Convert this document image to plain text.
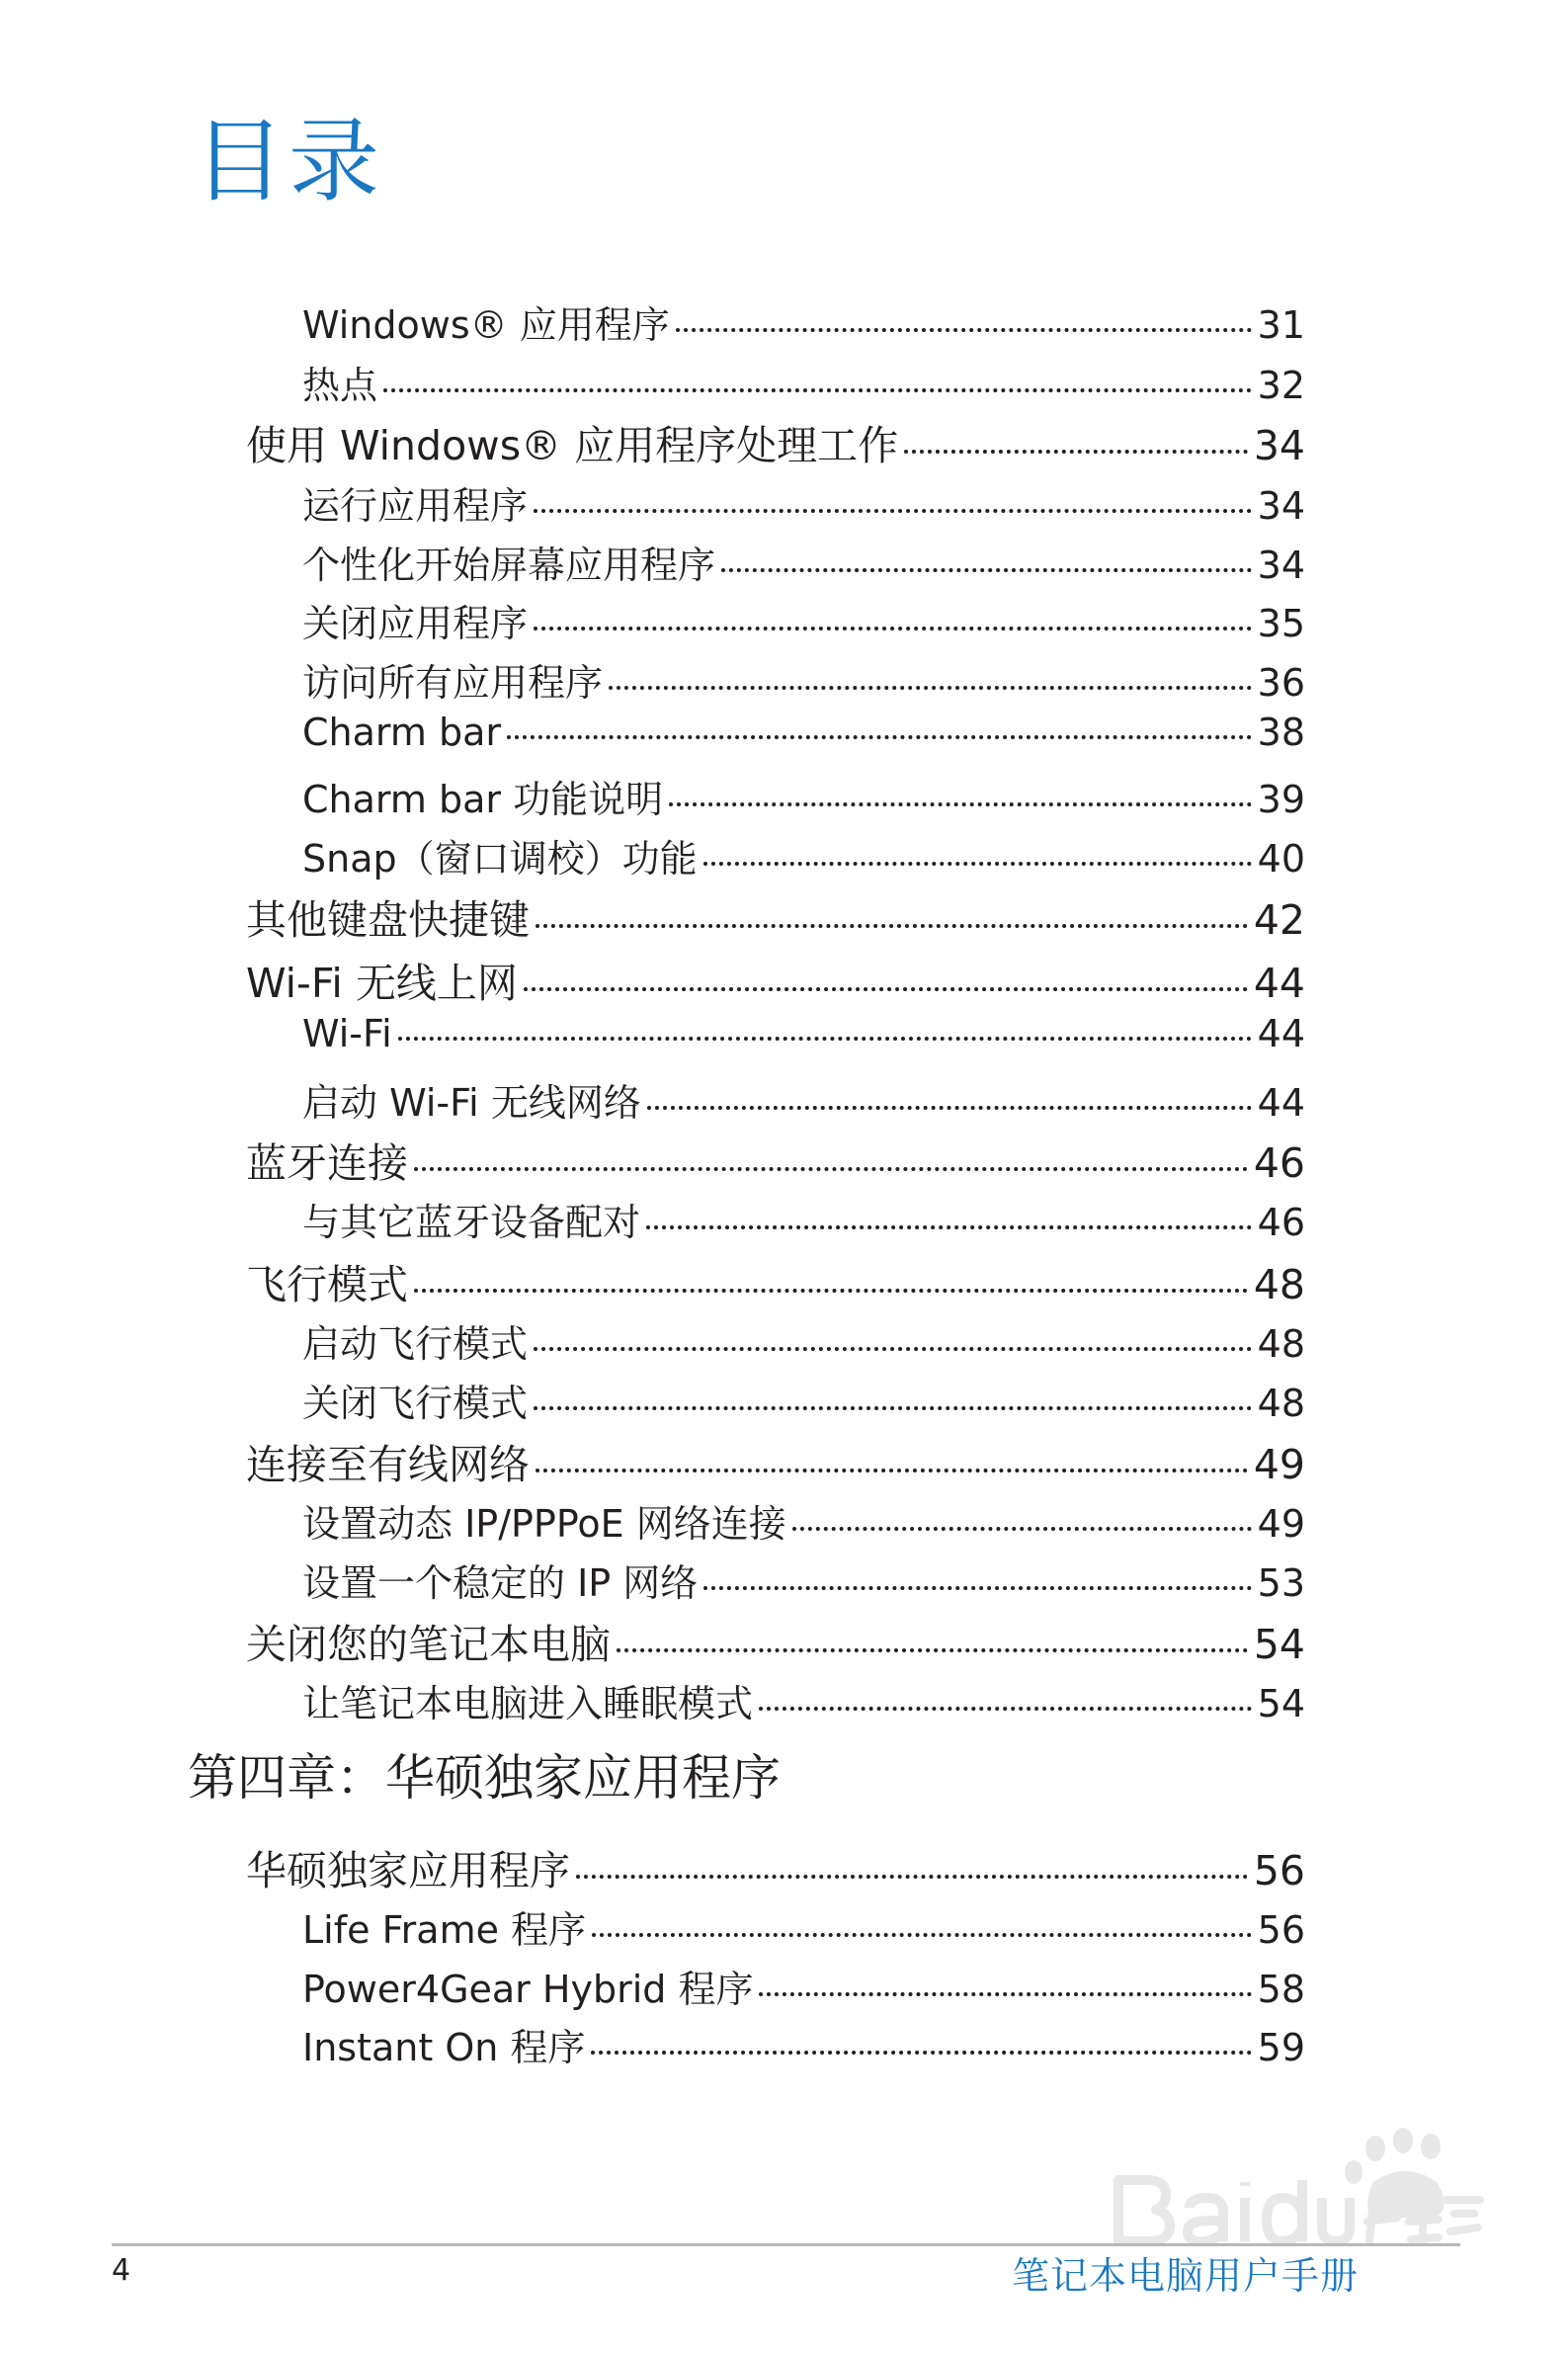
目录
Windows® 应用程序	31
热点	32
使用 Windows® 应用程序处理工作	34
运行应用程序	34
个性化开始屏幕应用程序	34
关闭应用程序	35
访问所有应用程序	36
Charm bar	38
Charm bar 功能说明	39
Snap（窗口调校）功能	40
其他键盘快捷键	42
Wi-Fi 无线上网	44
Wi-Fi	44
启动 Wi-Fi 无线网络	44
蓝牙连接	46
与其它蓝牙设备配对	46
飞行模式	48
启动飞行模式	48
关闭飞行模式	48
连接至有线网络	49
设置动态 IP/PPPoE 网络连接	49
设置一个稳定的 IP 网络	53
关闭您的笔记本电脑	54
让笔记本电脑进入睡眠模式	54
第四章：华硕独家应用程序
华硕独家应用程序	56
Life Frame 程序	56
Power4Gear Hybrid 程序	58
Instant On 程序	59
4	笔记本电脑用户手册
